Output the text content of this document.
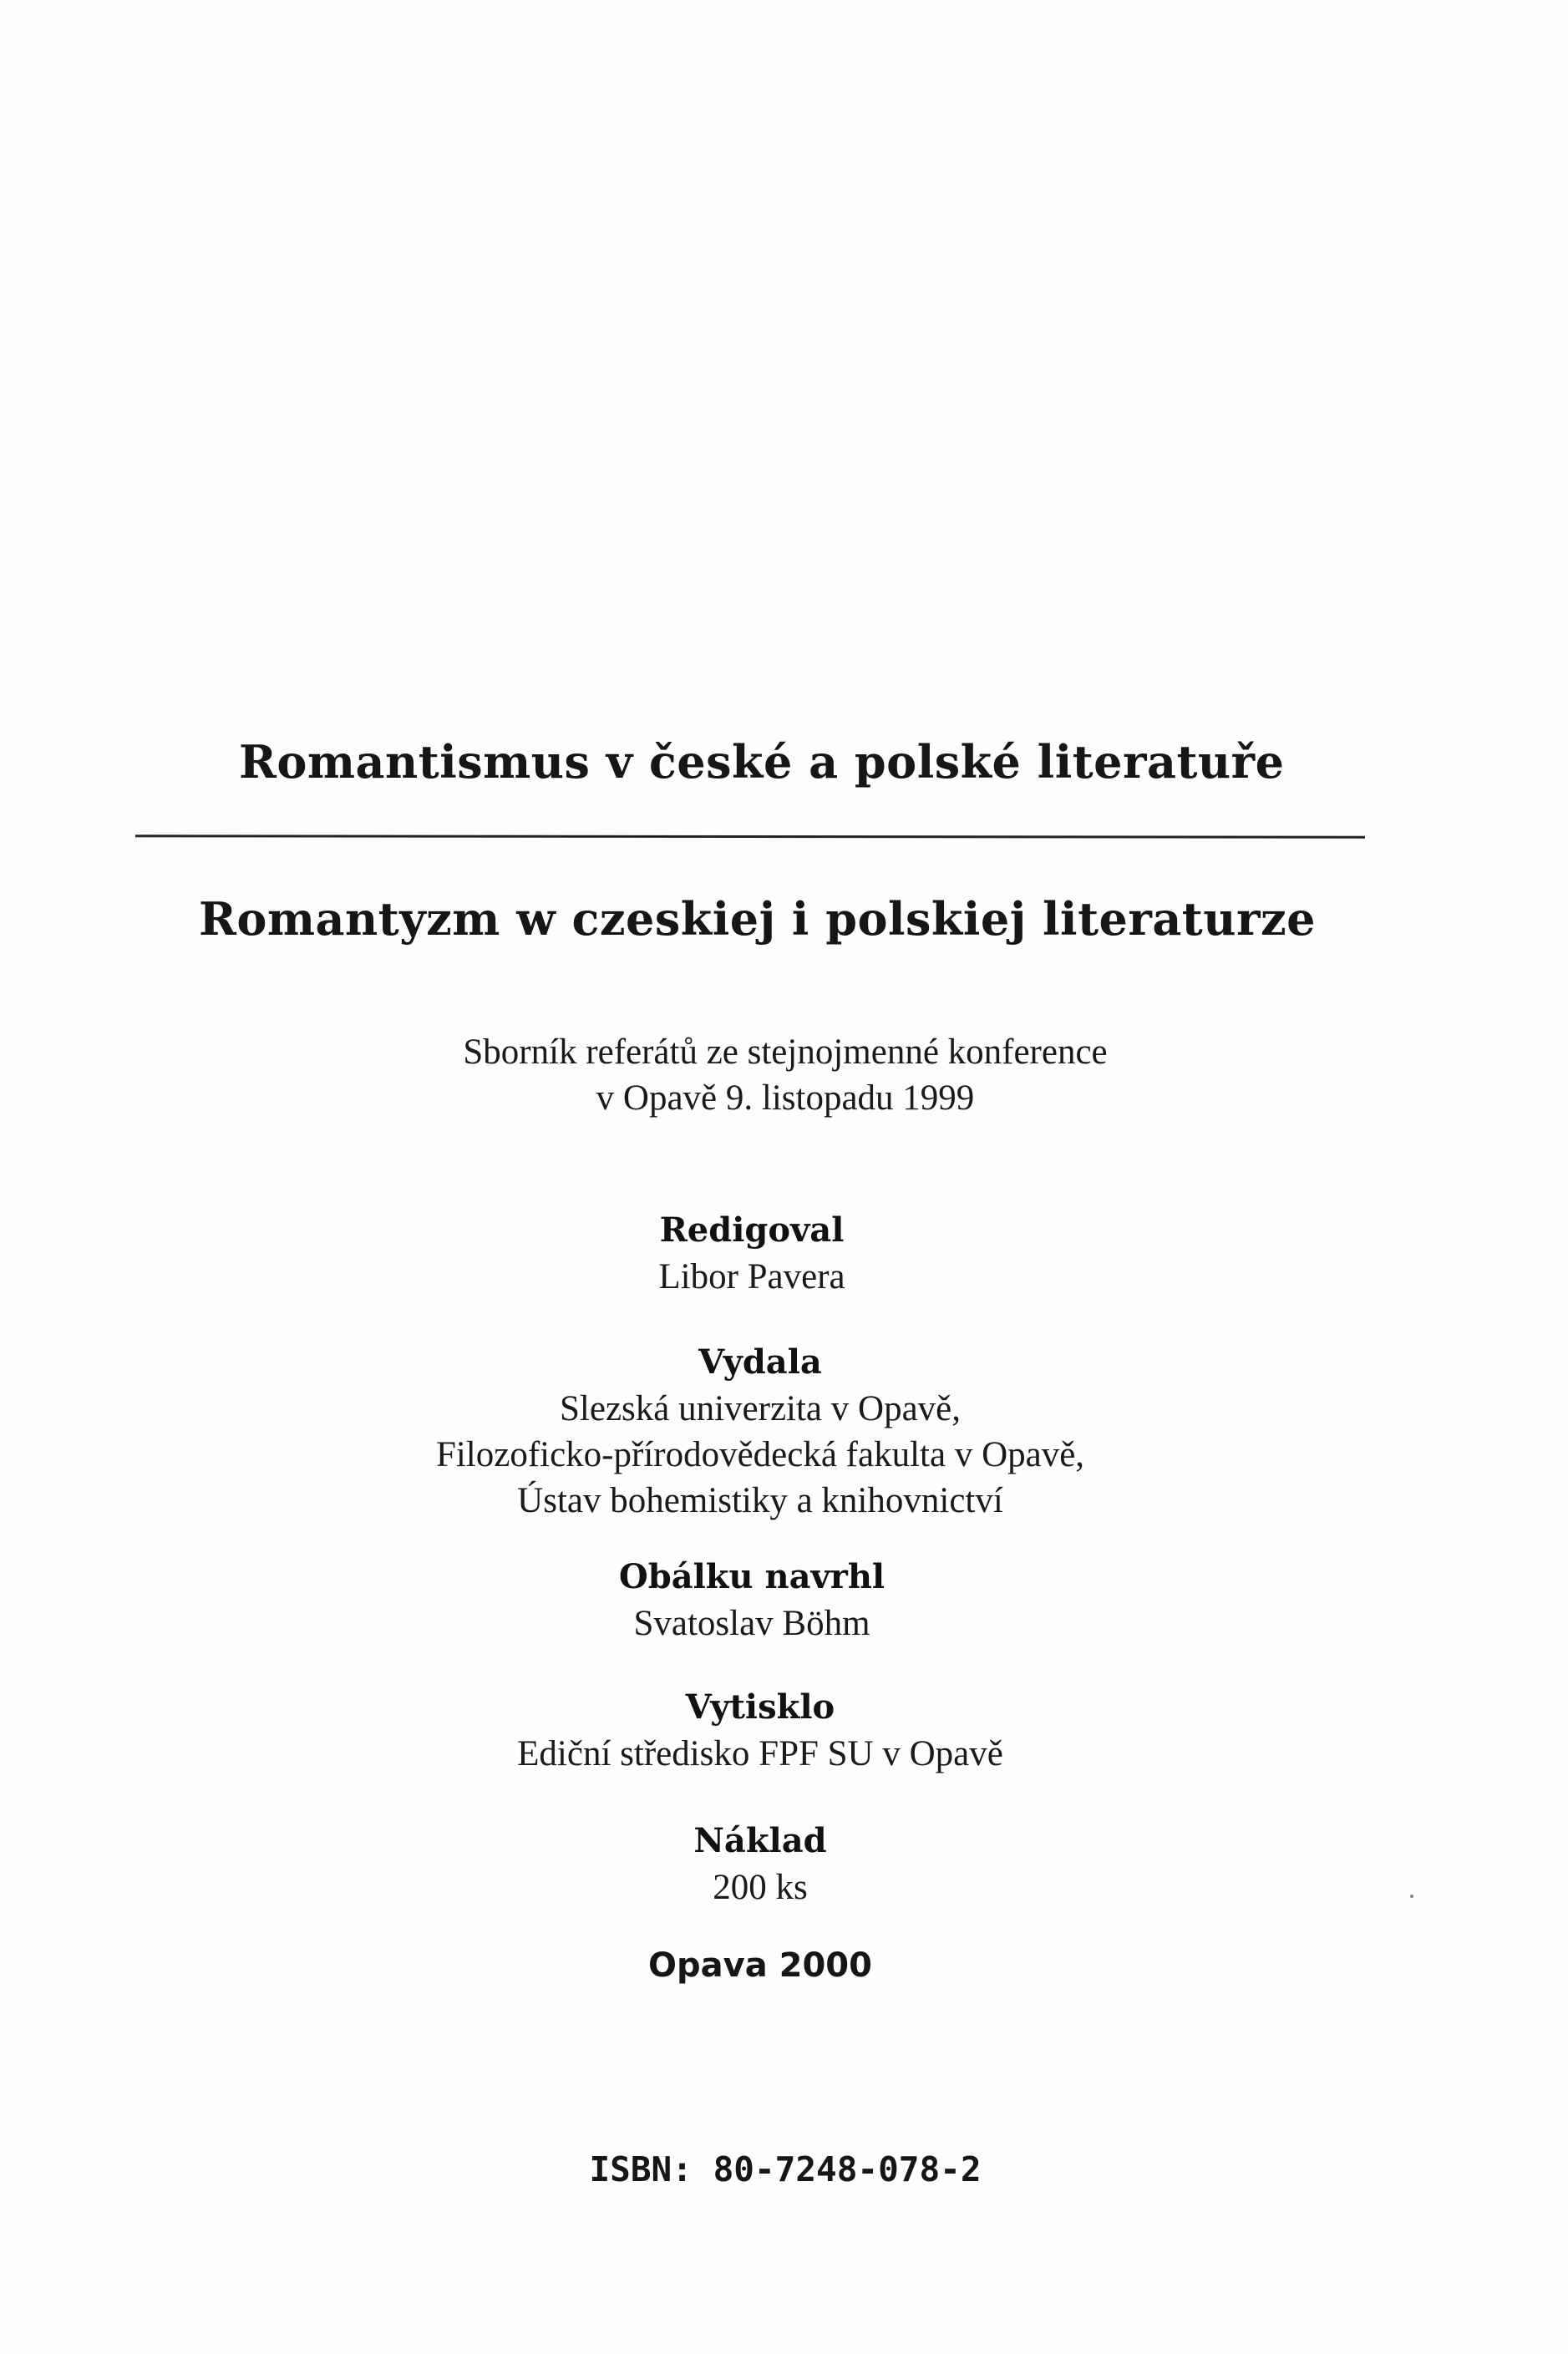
Romantismus v české a polské literatuře
Romantyzm w czeskiej i polskiej literaturze
Sborník referátů ze stejnojmenné konference
v Opavě 9. listopadu 1999
Redigoval
Libor Pavera
Vydala
Slezská univerzita v Opavě,
Filozoficko-přírodovědecká fakulta v Opavě,
Ústav bohemistiky a knihovnictví
Obálku navrhl
Svatoslav Böhm
Vytisklo
Ediční středisko FPF SU v Opavě
Náklad
200 ks
Opava 2000
ISBN: 80-7248-078-2
